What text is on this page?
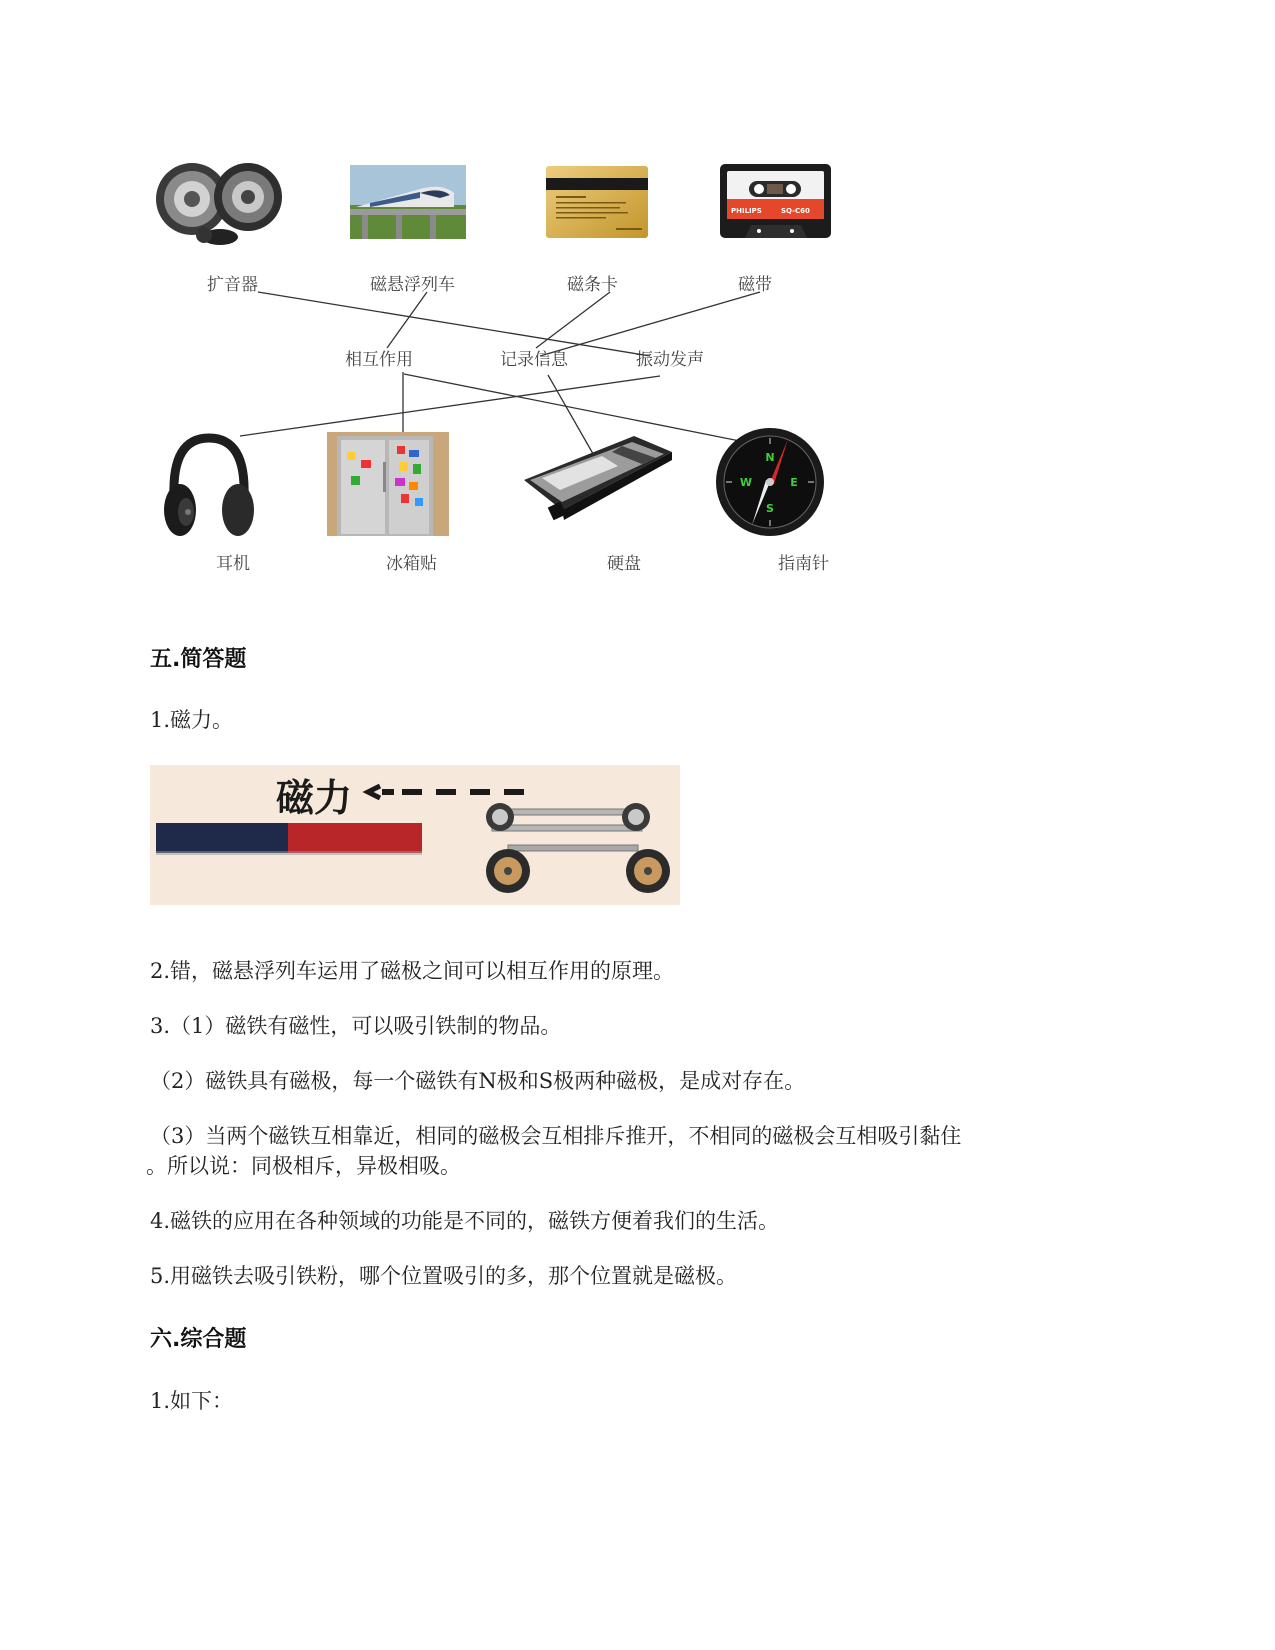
PHILIPS	SQ-C60
扩音器	磁悬浮列车	磁条卡	磁带
相互作用	记录信息	振动发声
N
E
S
W
耳机	冰箱贴	硬盘	指南针
五.简答题
1.磁力。
磁力
2.错，磁悬浮列车运用了磁极之间可以相互作用的原理。
3.（1）磁铁有磁性，可以吸引铁制的物品。
（2）磁铁具有磁极，每一个磁铁有N极和S极两种磁极，是成对存在。
（3）当两个磁铁互相靠近，相同的磁极会互相排斥推开，不相同的磁极会互相吸引黏住
。所以说：同极相斥，异极相吸。
4.磁铁的应用在各种领域的功能是不同的，磁铁方便着我们的生活。
5.用磁铁去吸引铁粉，哪个位置吸引的多，那个位置就是磁极。
六.综合题
1.如下：
